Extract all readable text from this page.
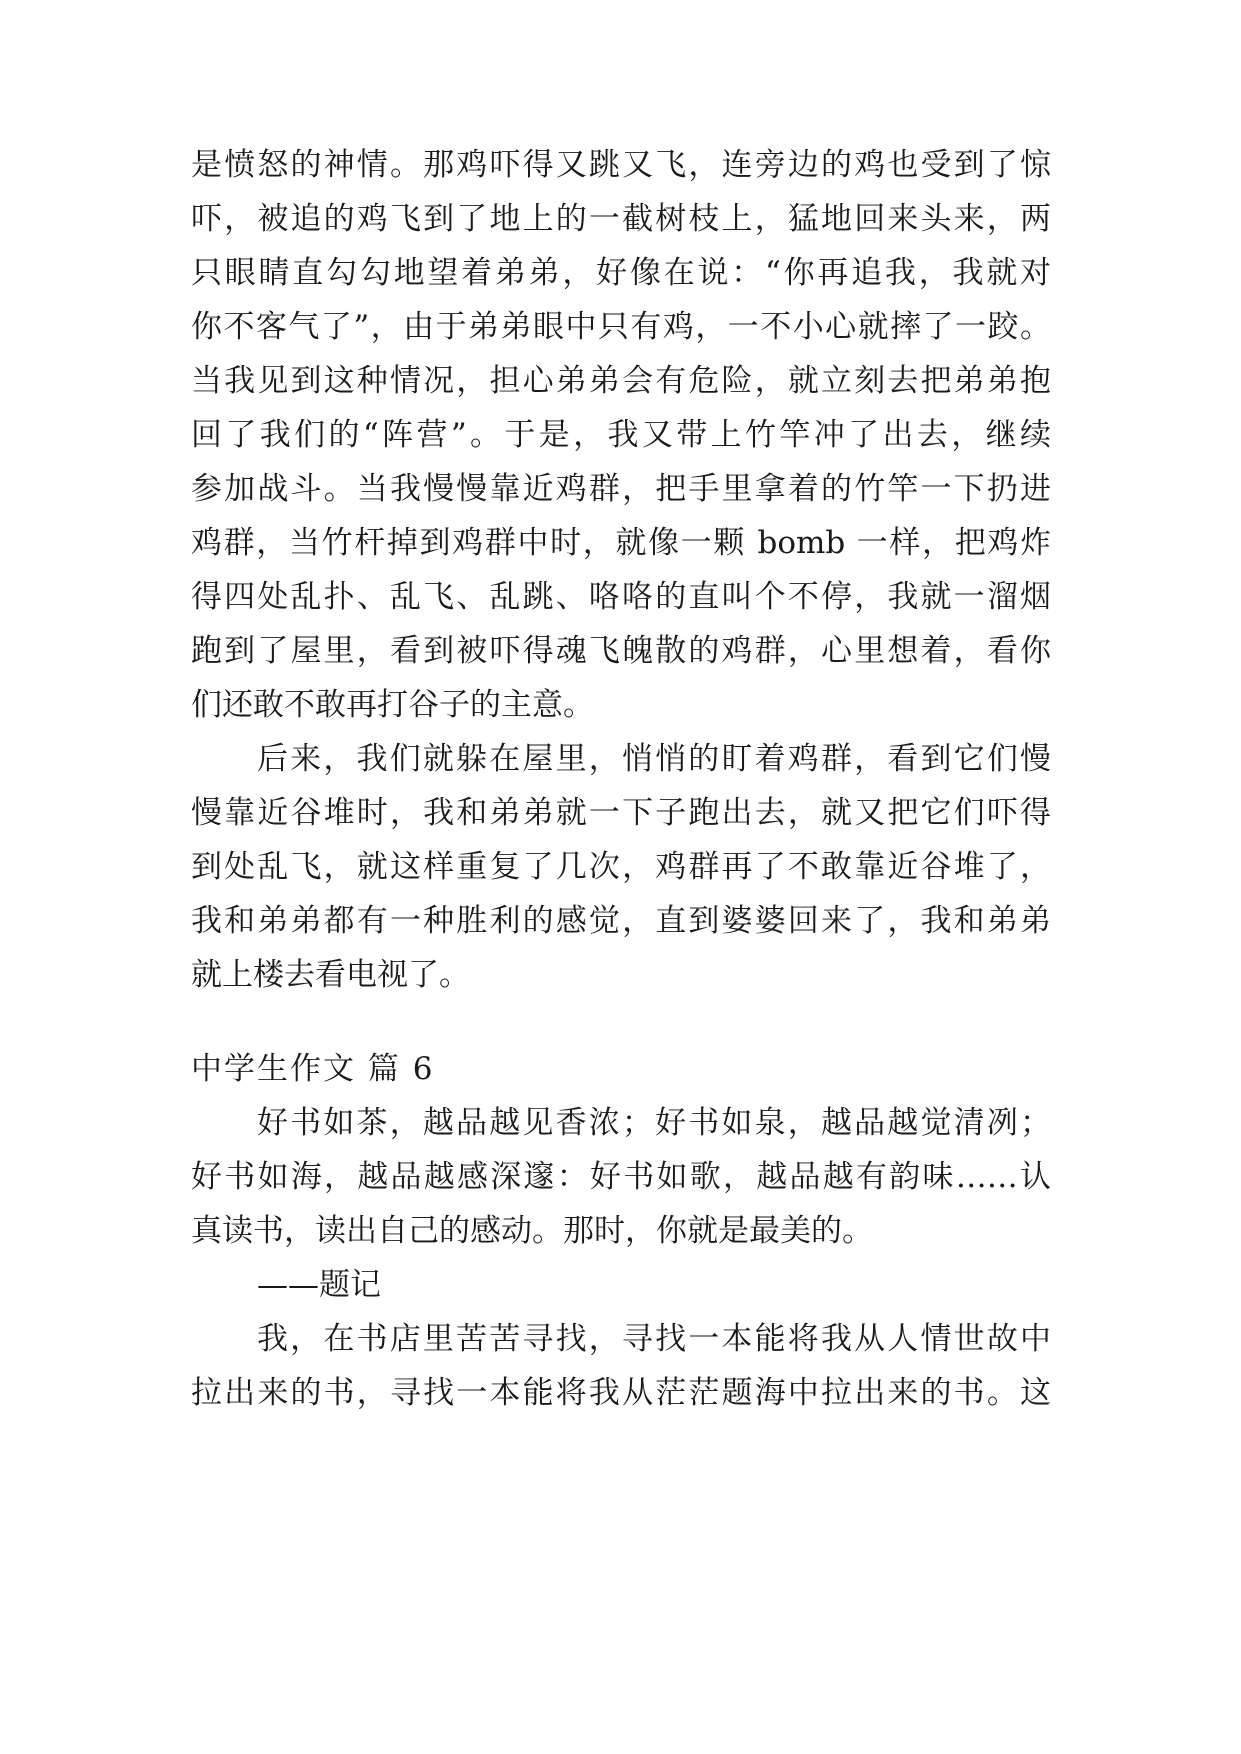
是愤怒的神情。那鸡吓得又跳又飞，连旁边的鸡也受到了惊
吓，被追的鸡飞到了地上的一截树枝上，猛地回来头来，两
只眼睛直勾勾地望着弟弟，好像在说：“你再追我，我就对
你不客气了”，由于弟弟眼中只有鸡，一不小心就摔了一跤。
当我见到这种情况，担心弟弟会有危险，就立刻去把弟弟抱
回了我们的“阵营”。于是，我又带上竹竿冲了出去，继续
参加战斗。当我慢慢靠近鸡群，把手里拿着的竹竿一下扔进
鸡群，当竹杆掉到鸡群中时，就像一颗 bomb 一样，把鸡炸
得四处乱扑、乱飞、乱跳、咯咯的直叫个不停，我就一溜烟
跑到了屋里，看到被吓得魂飞魄散的鸡群，心里想着，看你
们还敢不敢再打谷子的主意。
后来，我们就躲在屋里，悄悄的盯着鸡群，看到它们慢
慢靠近谷堆时，我和弟弟就一下子跑出去，就又把它们吓得
到处乱飞，就这样重复了几次，鸡群再了不敢靠近谷堆了，
我和弟弟都有一种胜利的感觉，直到婆婆回来了，我和弟弟
就上楼去看电视了。
中学生作文 篇 6
好书如茶，越品越见香浓；好书如泉，越品越觉清冽；
好书如海，越品越感深邃：好书如歌，越品越有韵味……认
真读书，读出自己的感动。那时，你就是最美的。
——题记
我，在书店里苦苦寻找，寻找一本能将我从人情世故中
拉出来的书，寻找一本能将我从茫茫题海中拉出来的书。这
